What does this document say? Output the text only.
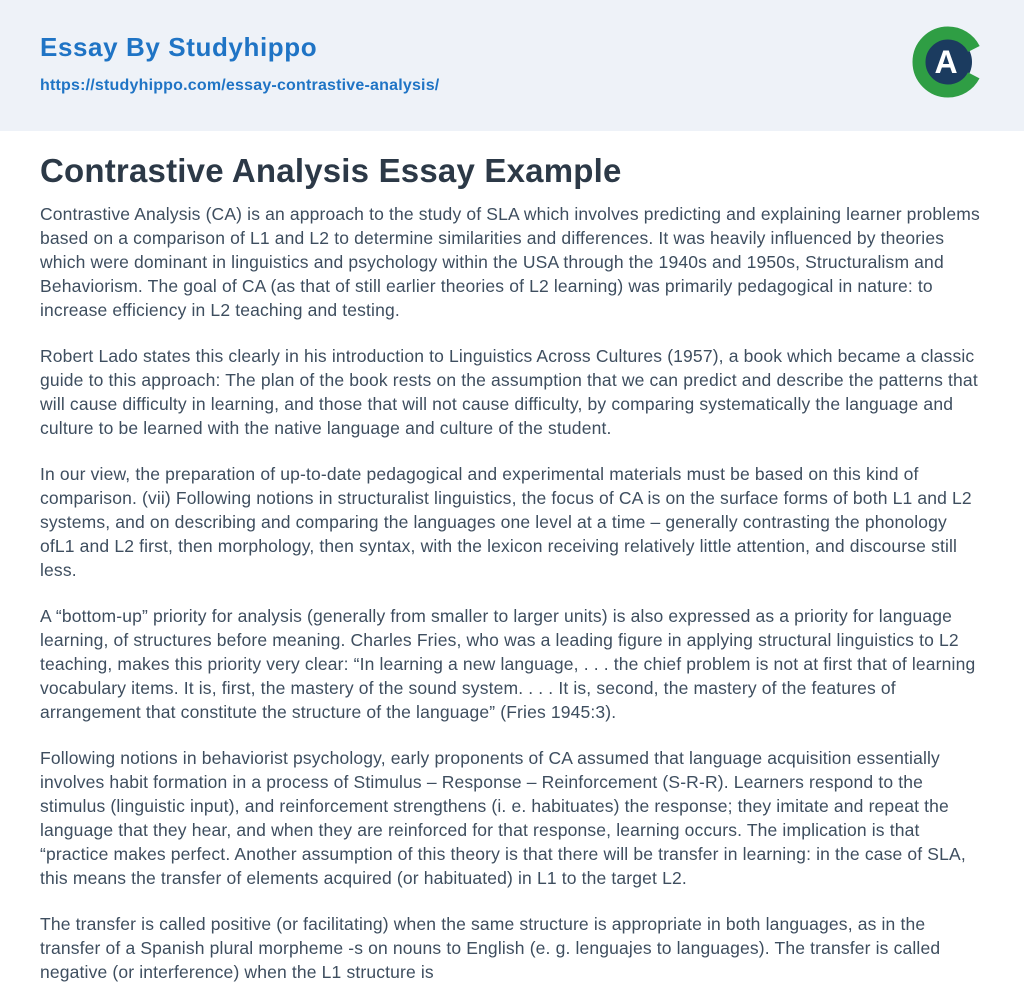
Essay By Studyhippo
https://studyhippo.com/essay-contrastive-analysis/
A
Contrastive Analysis Essay Example

Contrastive Analysis (CA) is an approach to the study of SLA which involves predicting and explaining learner problems based on a comparison of L1 and L2 to determine similarities and differences. It was heavily influenced by theories which were dominant in linguistics and psychology within the USA through the 1940s and 1950s, Structuralism and Behaviorism. The goal of CA (as that of still earlier theories of L2 learning) was primarily pedagogical in nature: to increase efficiency in L2 teaching and testing.

Robert Lado states this clearly in his introduction to Linguistics Across Cultures (1957), a book which became a classic guide to this approach: The plan of the book rests on the assumption that we can predict and describe the patterns that will cause difficulty in learning, and those that will not cause difficulty, by comparing systematically the language and culture to be learned with the native language and culture of the student.

In our view, the preparation of up-to-date pedagogical and experimental materials must be based on this kind of comparison. (vii) Following notions in structuralist linguistics, the focus of CA is on the surface forms of both L1 and L2 systems, and on describing and comparing the languages one level at a time – generally contrasting the phonology ofL1 and L2 first, then morphology, then syntax, with the lexicon receiving relatively little attention, and discourse still less.

A “bottom-up” priority for analysis (generally from smaller to larger units) is also expressed as a priority for language learning, of structures before meaning. Charles Fries, who was a leading figure in applying structural linguistics to L2 teaching, makes this priority very clear: “In learning a new language, . . . the chief problem is not at first that of learning vocabulary items. It is, first, the mastery of the sound system. . . . It is, second, the mastery of the features of arrangement that constitute the structure of the language” (Fries 1945:3).

Following notions in behaviorist psychology, early proponents of CA assumed that language acquisition essentially involves habit formation in a process of Stimulus – Response – Reinforcement (S-R-R). Learners respond to the stimulus (linguistic input), and reinforcement strengthens (i. e. habituates) the response; they imitate and repeat the language that they hear, and when they are reinforced for that response, learning occurs. The implication is that “practice makes perfect. Another assumption of this theory is that there will be transfer in learning: in the case of SLA, this means the transfer of elements acquired (or habituated) in L1 to the target L2.

The transfer is called positive (or facilitating) when the same structure is appropriate in both languages, as in the transfer of a Spanish plural morpheme -s on nouns to English (e. g. lenguajes to languages). The transfer is called negative (or interference) when the L1 structure is
